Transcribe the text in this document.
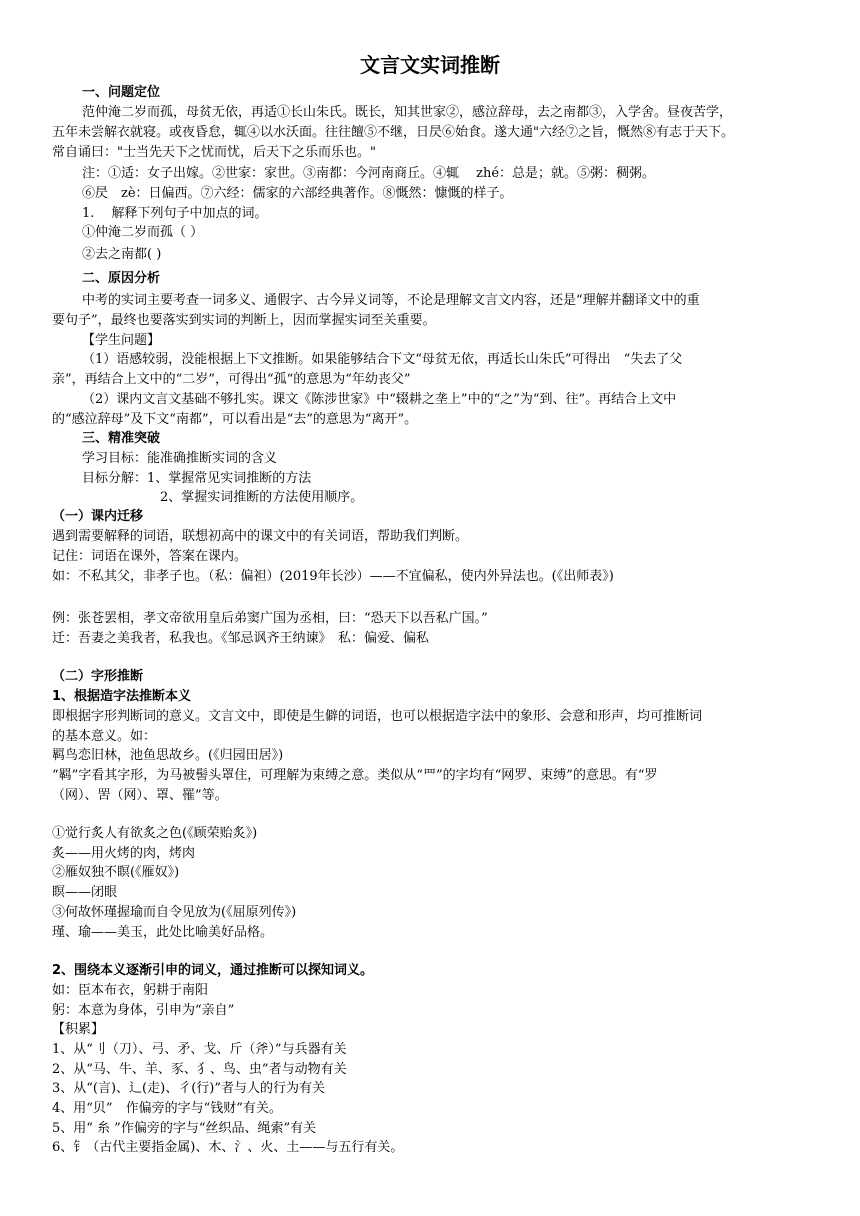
文言文实词推断
一、问题定位
范仲淹二岁而孤，母贫无依，再适①长山朱氏。既长，知其世家②，感泣辞母，去之南都③，入学舍。昼夜苦学，
五年未尝解衣就寝。或夜昏怠，辄④以水沃面。往往饘⑤不继，日昃⑥始食。遂大通"六经⑦之旨，慨然⑧有志于天下。
常自诵曰："士当先天下之忧而忧，后天下之乐而乐也。"
注：①适：女子出嫁。②世家：家世。③南都：今河南商丘。④辄　 zhé：总是；就。⑤粥：稠粥。
⑥昃　zè：日偏西。⑦六经：儒家的六部经典著作。⑧慨然：慷慨的样子。
1.　 解释下列句子中加点的词。
①仲淹二岁而孤（ ）
②去之南都( )
二、原因分析
中考的实词主要考查一词多义、通假字、古今异义词等，不论是理解文言文内容，还是“理解并翻译文中的重
要句子”，最终也要落实到实词的判断上，因而掌握实词至关重要。
【学生问题】
（1）语感较弱，没能根据上下文推断。如果能够结合下文“母贫无依，再适长山朱氏”可得出　“失去了父
亲”，再结合上文中的“二岁”，可得出“孤“的意思为“年幼丧父”
（2）课内文言文基础不够扎实。课文《陈涉世家》中“辍耕之垄上”中的“之”为“到、往”。再结合上文中
的“感泣辞母”及下文“南都”，可以看出是“去”的意思为“离开”。
三、精准突破
学习目标：能准确推断实词的含义
目标分解：1、掌握常见实词推断的方法
2、掌握实词推断的方法使用顺序。
（一）课内迁移
遇到需要解释的词语，联想初高中的课文中的有关词语，帮助我们判断。
记住：词语在课外，答案在课内。
如：不私其父，非孝子也。（私：偏袒）(2019年长沙）——不宜偏私，使内外异法也。(《出师表》)
例：张苍罢相，孝文帝欲用皇后弟窦广国为丞相，曰：“恐天下以吾私广国。”
迁：吾妻之美我者，私我也。《邹忌讽齐王纳谏》　私：偏爱、偏私
（二）字形推断
1、根据造字法推断本义
即根据字形判断词的意义。文言文中，即使是生僻的词语，也可以根据造字法中的象形、会意和形声，均可推断词
的基本意义。如：
羁鸟恋旧林，池鱼思故乡。(《归园田居》)
“羁”字看其字形，为马被髻头罩住，可理解为束缚之意。类似从“罒”的字均有“网罗、束缚”的意思。有“罗
（网）、罟（网）、罩、罹”等。
①觉行炙人有欲炙之色(《顾荣贻炙》)
炙——用火烤的肉，烤肉
②雁奴独不瞑(《雁奴》)
瞑——闭眼
③何故怀瑾握瑜而自令见放为(《屈原列传》)
瑾、瑜——美玉，此处比喻美好品格。
2、围绕本义逐渐引申的词义，通过推断可以探知词义。
如：臣本布衣，躬耕于南阳
躬：本意为身体，引申为“亲自”
【积累】
1、从“刂（刀）、弓、矛、戈、斤（斧）”与兵器有关
2、从“马、牛、羊、豕、犭、鸟、虫”者与动物有关
3、从“(言)、辶(走)、彳(行)”者与人的行为有关
4、用“贝”　作偏旁的字与“钱财”有关。
5、用“ 糸 ”作偏旁的字与“丝织品、绳索”有关
6、钅（古代主要指金属)、木、氵、火、土——与五行有关。
